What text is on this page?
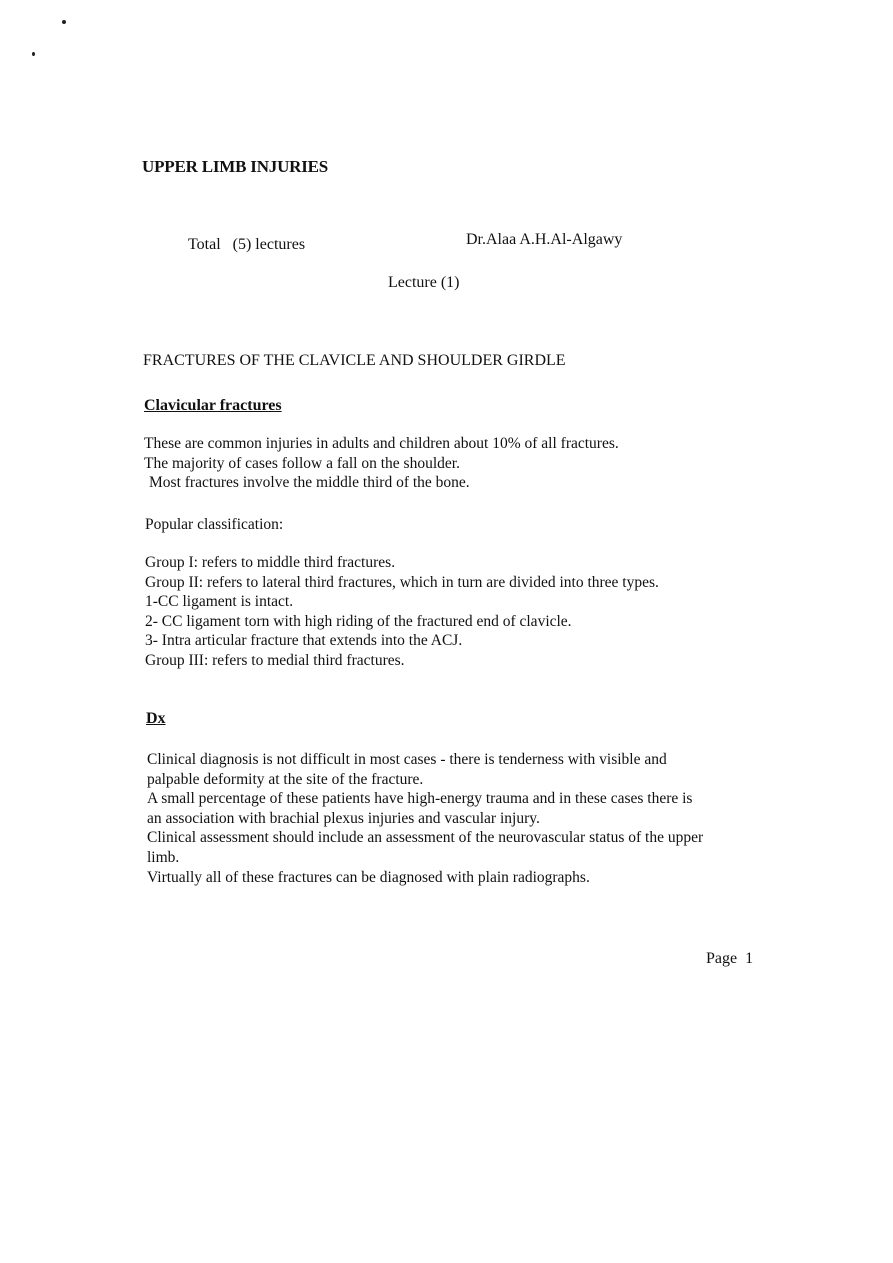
UPPER LIMB INJURIES
Total   (5) lectures	Dr.Alaa A.H.Al-Algawy
Lecture (1)
FRACTURES OF THE CLAVICLE AND SHOULDER GIRDLE
Clavicular fractures
These are common injuries in adults and children about 10% of all fractures.
The majority of cases follow a fall on the shoulder.
Most fractures involve the middle third of the bone.
Popular classification:
Group I: refers to middle third fractures.
Group II: refers to lateral third fractures, which in turn are divided into three types.
1-CC ligament is intact.
2- CC ligament torn with high riding of the fractured end of clavicle.
3- Intra articular fracture that extends into the ACJ.
Group III: refers to medial third fractures.
Dx
Clinical diagnosis is not difficult in most cases - there is tenderness with visible and
palpable deformity at the site of the fracture.
A small percentage of these patients have high-energy trauma and in these cases there is
an association with brachial plexus injuries and vascular injury.
Clinical assessment should include an assessment of the neurovascular status of the upper
limb.
Virtually all of these fractures can be diagnosed with plain radiographs.
Page  1
